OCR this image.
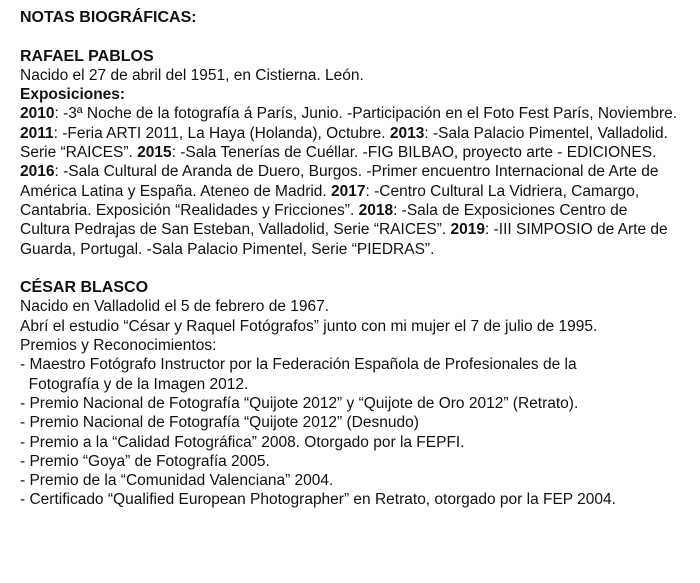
NOTAS BIOGRÁFICAS:
RAFAEL PABLOS
Nacido el 27 de abril del 1951, en Cistierna. León.
Exposiciones:
2010: -3ª Noche de la fotografía á París, Junio. -Participación en el Foto Fest París, Noviembre. 2011: -Feria ARTI 2011, La Haya (Holanda), Octubre. 2013: -Sala Palacio Pimentel, Valladolid. Serie “RAICES”. 2015: -Sala Tenerías de Cuéllar. -FIG BILBAO, proyecto arte - EDICIONES. 2016: -Sala Cultural de Aranda de Duero, Burgos. -Primer encuentro Internacional de Arte de América Latina y España. Ateneo de Madrid. 2017: -Centro Cultural La Vidriera, Camargo, Cantabria. Exposición “Realidades y Fricciones”. 2018: -Sala de Exposiciones Centro de Cultura Pedrajas de San Esteban, Valladolid, Serie “RAICES”. 2019: -III SIMPOSIO de Arte de Guarda, Portugal. -Sala Palacio Pimentel, Serie “PIEDRAS”.
CÉSAR BLASCO
Nacido en Valladolid el 5 de febrero de 1967.
Abrí el estudio “César y Raquel Fotógrafos” junto con mi mujer el 7 de julio de 1995.
Premios y Reconocimientos:
- Maestro Fotógrafo Instructor por la Federación Española de Profesionales de la
Fotografía y de la Imagen 2012.
- Premio Nacional de Fotografía “Quijote 2012” y “Quijote de Oro 2012” (Retrato).
- Premio Nacional de Fotografía “Quijote 2012” (Desnudo)
- Premio a la “Calidad Fotográfica” 2008. Otorgado por la FEPFI.
- Premio “Goya” de Fotografía 2005.
- Premio de la “Comunidad Valenciana” 2004.
- Certificado “Qualified European Photographer” en Retrato, otorgado por la FEP 2004.
